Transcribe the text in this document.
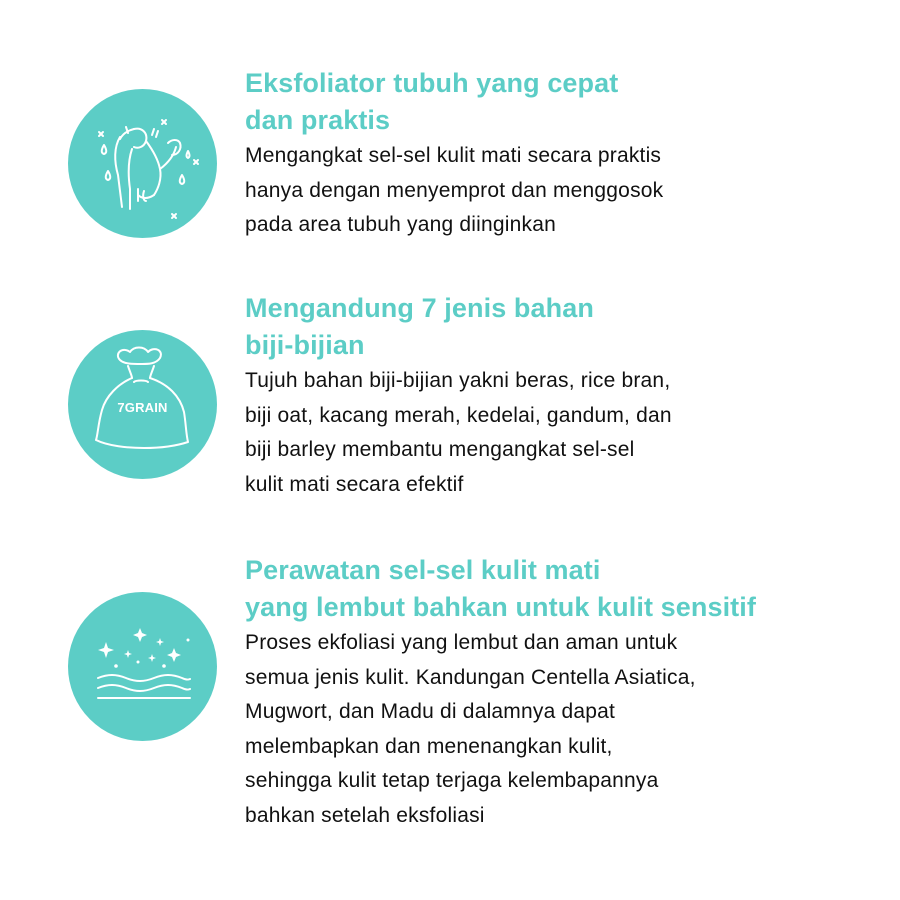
Eksfoliator tubuh yang cepat
dan praktis

Mengangkat sel-sel kulit mati secara praktis
hanya dengan menyemprot dan menggosok
pada area tubuh yang diinginkan

7GRAIN
Mengandung 7 jenis bahan
biji-bijian

Tujuh bahan biji-bijian yakni beras, rice bran,
biji oat, kacang merah, kedelai, gandum, dan
biji barley membantu mengangkat sel-sel
kulit mati secara efektif

Perawatan sel-sel kulit mati
yang lembut bahkan untuk kulit sensitif

Proses ekfoliasi yang lembut dan aman untuk
semua jenis kulit. Kandungan Centella Asiatica,
Mugwort, dan Madu di dalamnya dapat
melembapkan dan menenangkan kulit,
sehingga kulit tetap terjaga kelembapannya
bahkan setelah eksfoliasi
